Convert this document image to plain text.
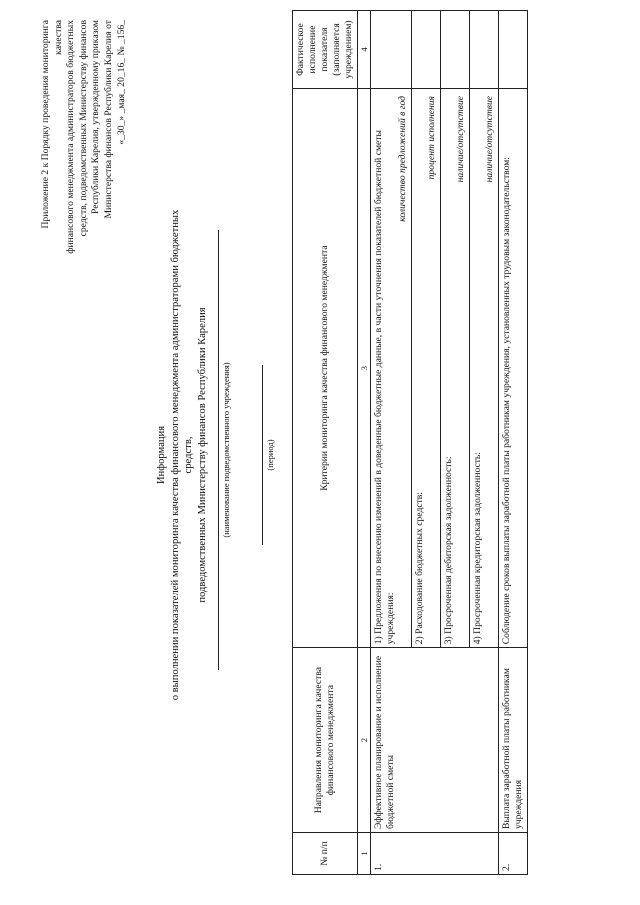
Приложение 2 к Порядку проведения мониторинга качества финансового менеджмента администраторов бюджетных средств, подведомственных Министерству финансов Республики Карелия, утвержденному приказом Министерства финансов Республики Карелия от «_30_» _мая_ 20_16_ № _156_
Информация о выполнении показателей мониторинга качества финансового менеджмента администраторами бюджетных средств, подведомственных Министерству финансов Республики Карелия (наименование подведомственного учреждения)	(период)
№ п/п	Направления мониторинга качества финансового менеджмента	Критерии мониторинга качества финансового менеджмента	Фактическое исполнение показателя (заполняется учреждением)
1	2	3	4
1.	Эффективное планирование и исполнение бюджетной сметы	1) Предложения по внесению изменений в доведенные бюджетные данные, в части уточнения показателей бюджетной сметы учреждения:
количество предложений в год	

		2) Расходование бюджетных средств:
процент исполнения	

		3) Просроченная дебиторская задолженность:
наличие/отсутствие	

		4) Просроченная кредиторская задолженность:
наличие/отсутствие	

2.	Выплата заработной платы работникам учреждения	Соблюдение сроков выплаты заработной платы работникам учреждения, установленных трудовым законодательством:	
